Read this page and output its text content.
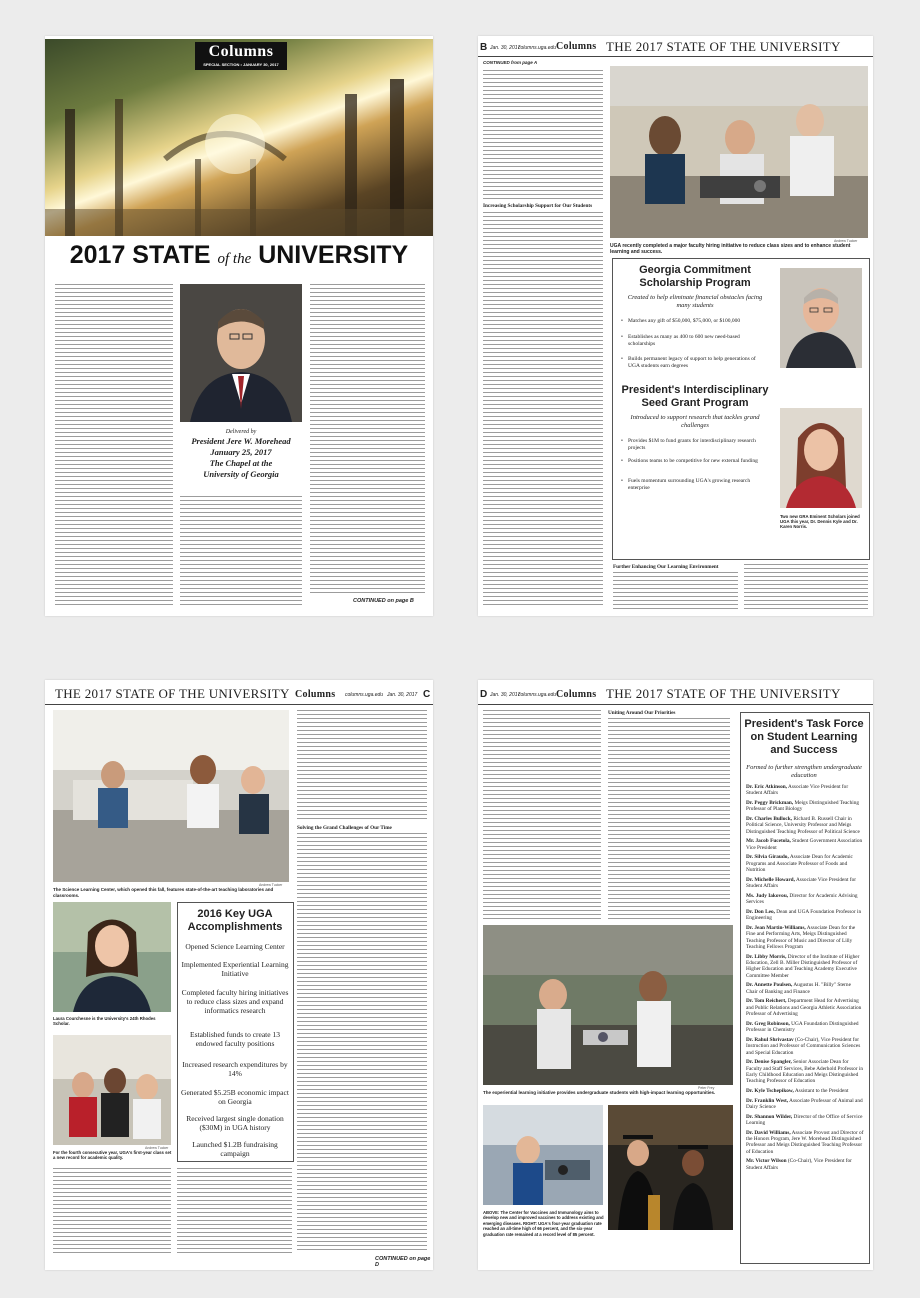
Columns
SPECIAL SECTION • JANUARY 30, 2017
2017 STATE of the UNIVERSITY
Delivered by
President Jere W. Morehead
January 25, 2017
The Chapel at the
University of Georgia
CONTINUED on page B
B Jan. 30, 2017
columns.uga.edu Columns THE 2017 STATE OF THE UNIVERSITY
CONTINUED from page A
Increasing Scholarship Support for Our Students
Andrew Tucker
UGA recently completed a major faculty hiring initiative to reduce class sizes and to enhance student learning and success.
Georgia Commitment Scholarship Program
Created to help eliminate financial obstacles facing many students
• Matches any gift of $50,000, $75,000, or $100,000
• Establishes as many as 400 to 600 new need-based scholarships
• Builds permanent legacy of support to help generations of UGA students earn degrees
President's Interdisciplinary Seed Grant Program
Introduced to support research that tackles grand challenges
• Provides $1M to fund grants for interdisciplinary research projects
• Positions teams to be competitive for new external funding
• Fuels momentum surrounding UGA's growing research enterprise
Two new GRA Eminent Scholars joined UGA this year, Dr. Dennis Kyle and Dr. Karen Norris.
Further Enhancing Our Learning Environment
THE 2017 STATE OF THE UNIVERSITY Columns columns.uga.edu Jan. 30, 2017 C
Andrew Tucker
The Science Learning Center, which opened this fall, features state-of-the-art teaching laboratories and classrooms.
Laura Courchesne is the University's 24th Rhodes Scholar.
Andrew Tucker
For the fourth consecutive year, UGA's first-year class set a new record for academic quality.
2016 Key UGA Accomplishments
Opened Science Learning Center
Implemented Experiential Learning Initiative
Completed faculty hiring initiatives to reduce class sizes and expand informatics research
Established funds to create 13 endowed faculty positions
Increased research expenditures by 14%
Generated $5.25B economic impact on Georgia
Received largest single donation ($30M) in UGA history
Launched $1.2B fundraising campaign
Solving the Grand Challenges of Our Time
CONTINUED on page D
D Jan. 30, 2017
columns.uga.edu Columns THE 2017 STATE OF THE UNIVERSITY
Uniting Around Our Priorities
Peter Frey
The experiential learning initiative provides undergraduate students with high-impact learning opportunities.
ABOVE: The Center for Vaccines and Immunology aims to develop new and improved vaccines to address existing and emerging diseases. RIGHT: UGA's four-year graduation rate reached an all-time high of 66 percent, and the six-year graduation rate remained at a record level of 85 percent.
President's Task Force on Student Learning and Success
Formed to further strengthen undergraduate education
Dr. Eric Atkinson, Associate Vice President for Student Affairs
Dr. Peggy Brickman, Meigs Distinguished Teaching Professor of Plant Biology
Dr. Charles Bullock, Richard B. Russell Chair in Political Science, University Professor and Meigs Distinguished Teaching Professor of Political Science
Mr. Jacob Fucetola, Student Government Association Vice President
Dr. Silvia Giraudo, Associate Dean for Academic Programs and Associate Professor of Foods and Nutrition
Dr. Michelle Howard, Associate Vice President for Student Affairs
Ms. Judy Iakovou, Director for Academic Advising Services
Dr. Don Leo, Dean and UGA Foundation Professor in Engineering
Dr. Jean Martin-Williams, Associate Dean for the Fine and Performing Arts, Meigs Distinguished Teaching Professor of Music and Director of Lilly Teaching Fellows Program
Dr. Libby Morris, Director of the Institute of Higher Education, Zell B. Miller Distinguished Professor of Higher Education and Teaching Academy Executive Committee Member
Dr. Annette Poulsen, Augustus H. "Billy" Sterne Chair of Banking and Finance
Dr. Tom Reichert, Department Head for Advertising and Public Relations and Georgia Athletic Association Professor of Advertising
Dr. Greg Robinson, UGA Foundation Distinguished Professor in Chemistry
Dr. Rahul Shrivastav (Co-Chair), Vice President for Instruction and Professor of Communication Sciences and Special Education
Dr. Denise Spangler, Senior Associate Dean for Faculty and Staff Services, Bebe Aderhold Professor in Early Childhood Education and Meigs Distinguished Teaching Professor of Education
Dr. Kyle Tschepikow, Assistant to the President
Dr. Franklin West, Associate Professor of Animal and Dairy Science
Dr. Shannon Wilder, Director of the Office of Service Learning
Dr. David Williams, Associate Provost and Director of the Honors Program, Jere W. Morehead Distinguished Professor and Meigs Distinguished Teaching Professor of Education
Mr. Victor Wilson (Co-Chair), Vice President for Student Affairs
